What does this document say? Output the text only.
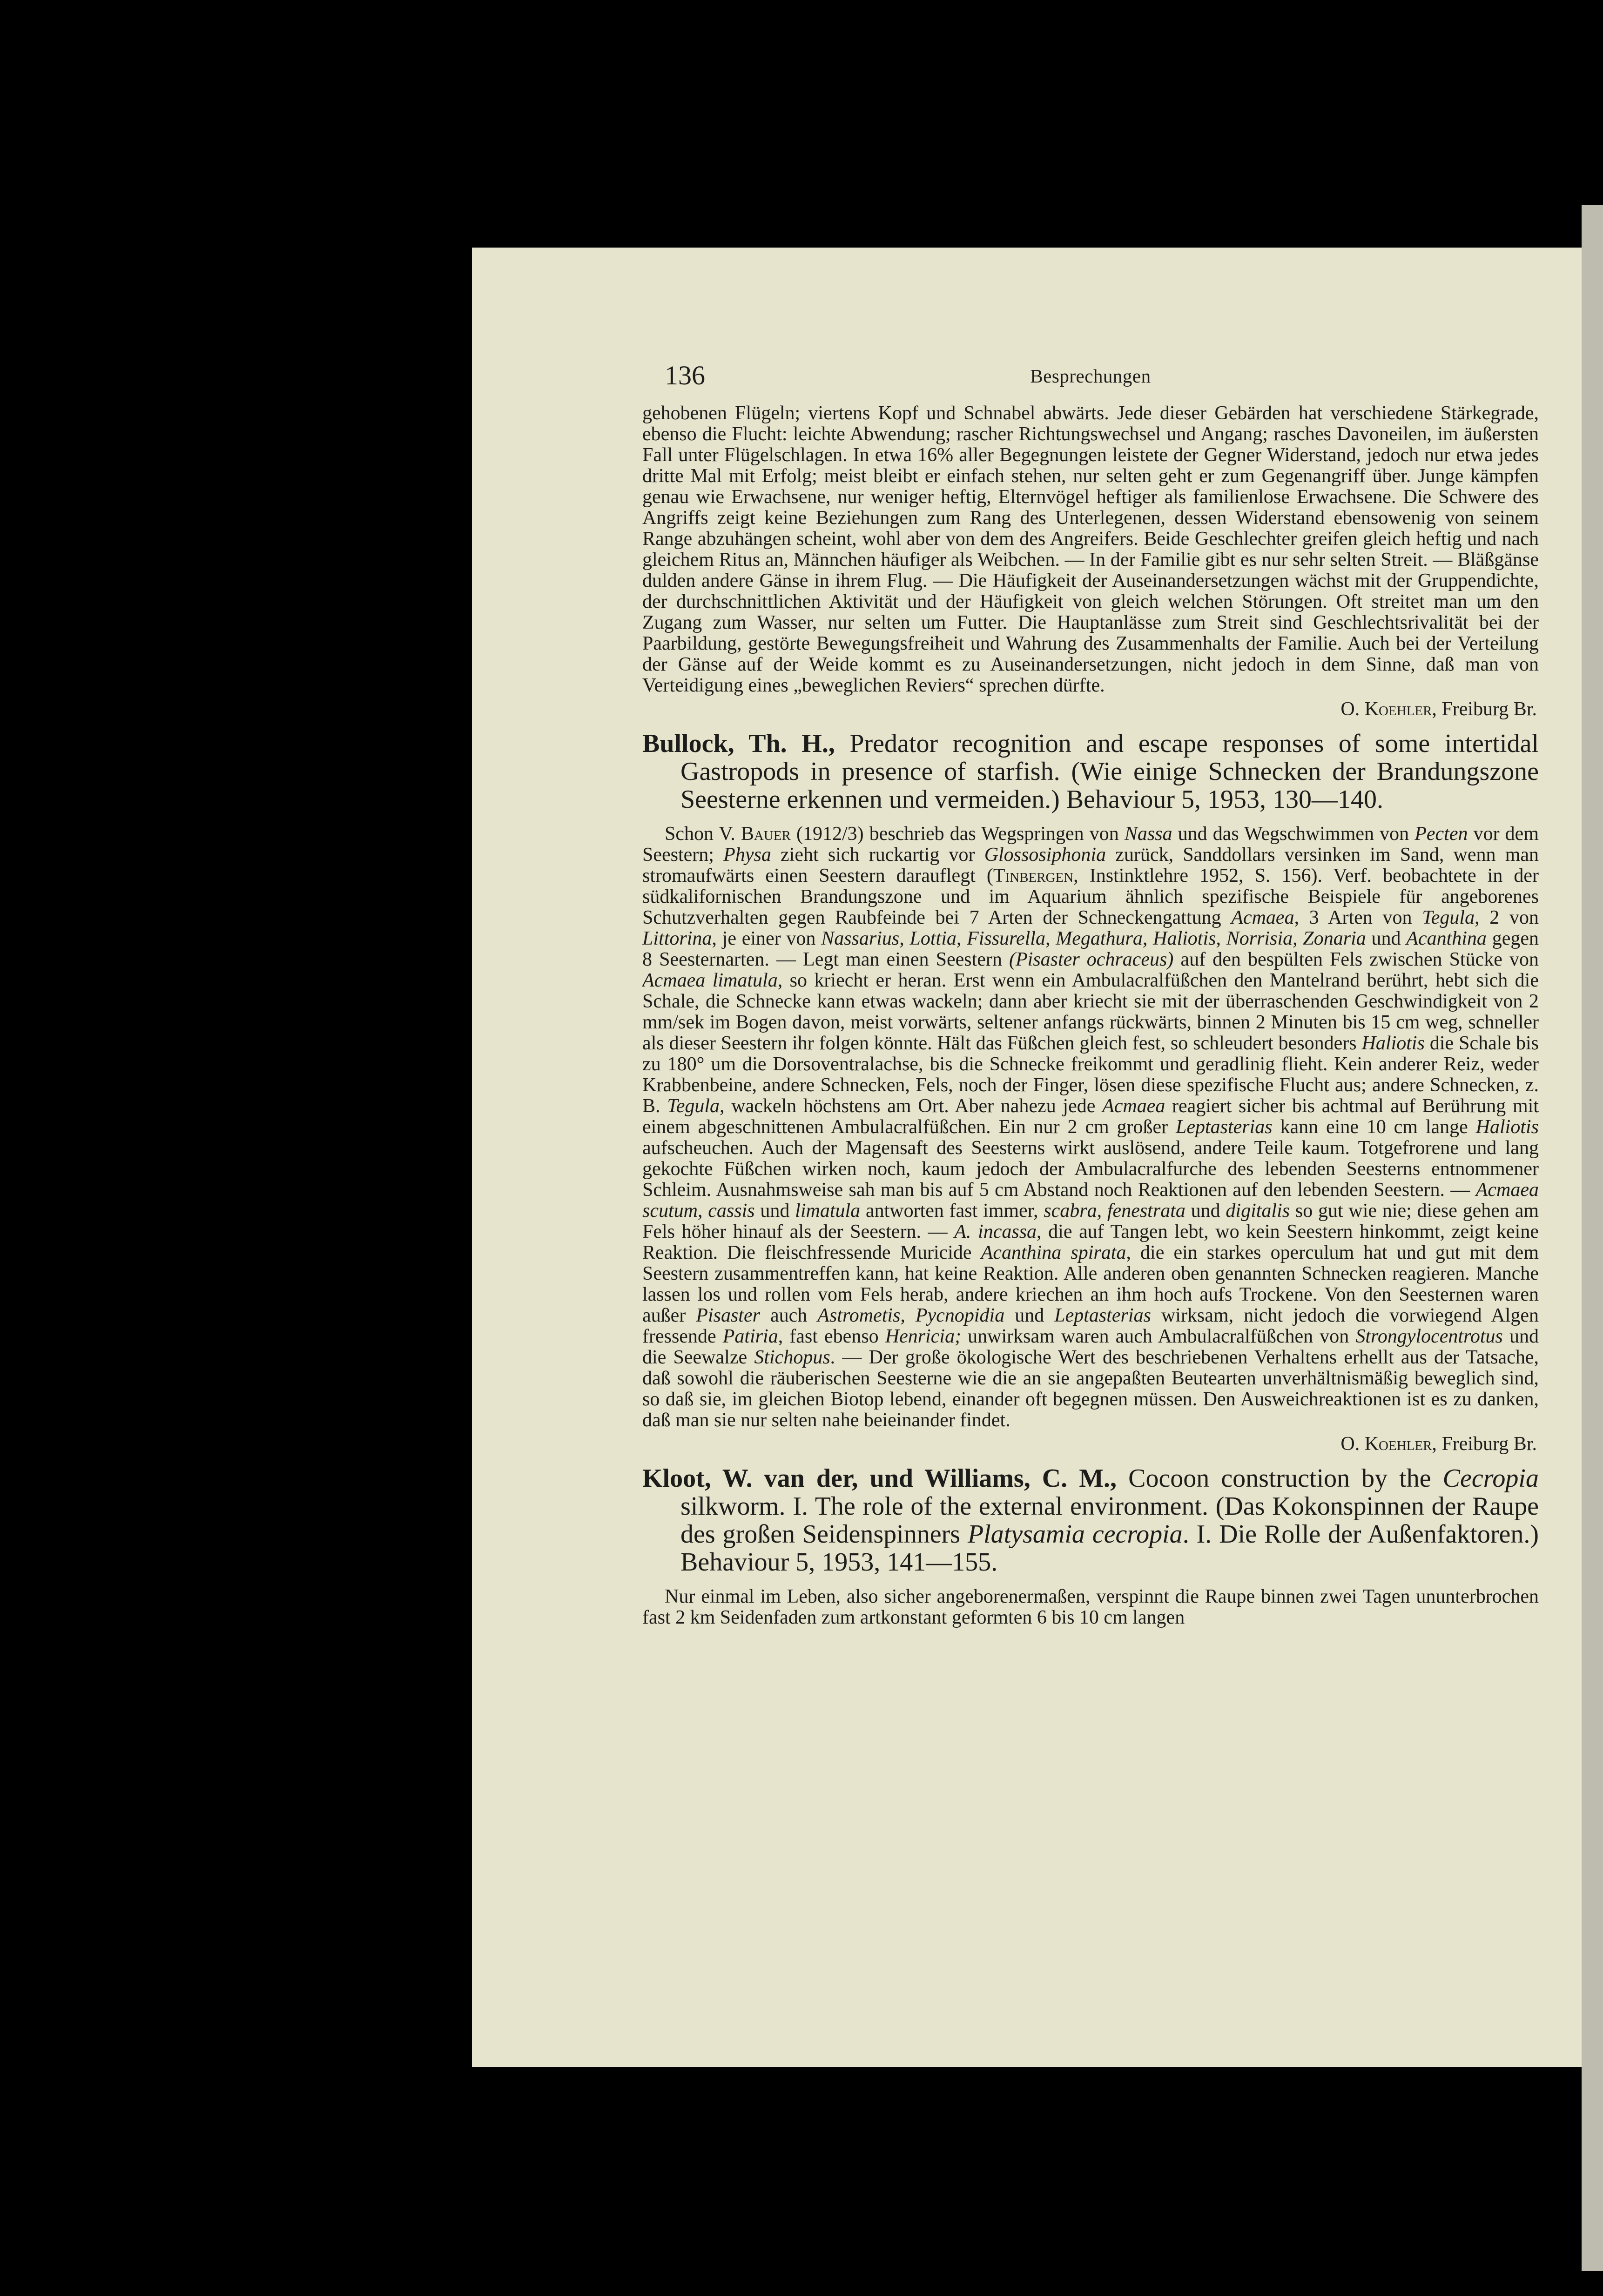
136	Besprechungen

gehobenen Flügeln; viertens Kopf und Schnabel abwärts. Jede dieser Gebärden hat verschiedene Stärkegrade, ebenso die Flucht: leichte Abwendung; rascher Richtungswechsel und Angang; rasches Davoneilen, im äußersten Fall unter Flügelschlagen. In etwa 16% aller Begegnungen leistete der Gegner Widerstand, jedoch nur etwa jedes dritte Mal mit Erfolg; meist bleibt er einfach stehen, nur selten geht er zum Gegenangriff über. Junge kämpfen genau wie Erwachsene, nur weniger heftig, Elternvögel heftiger als familienlose Erwachsene. Die Schwere des Angriffs zeigt keine Beziehungen zum Rang des Unterlegenen, dessen Widerstand ebensowenig von seinem Range abzuhängen scheint, wohl aber von dem des Angreifers. Beide Geschlechter greifen gleich heftig und nach gleichem Ritus an, Männchen häufiger als Weibchen. — In der Familie gibt es nur sehr selten Streit. — Bläßgänse dulden andere Gänse in ihrem Flug. — Die Häufigkeit der Auseinandersetzungen wächst mit der Gruppendichte, der durchschnittlichen Aktivität und der Häufigkeit von gleich welchen Störungen. Oft streitet man um den Zugang zum Wasser, nur selten um Futter. Die Hauptanlässe zum Streit sind Geschlechtsrivalität bei der Paarbildung, gestörte Bewegungsfreiheit und Wahrung des Zusammenhalts der Familie. Auch bei der Verteilung der Gänse auf der Weide kommt es zu Auseinandersetzungen, nicht jedoch in dem Sinne, daß man von Verteidigung eines „beweglichen Reviers“ sprechen dürfte.

O. Koehler, Freiburg Br.
Bullock, Th. H., Predator recognition and escape responses of some intertidal Gastropods in presence of starfish. (Wie einige Schnecken der Brandungszone Seesterne erkennen und vermeiden.) Behaviour 5, 1953, 130—140.

Schon V. Bauer (1912/3) beschrieb das Wegspringen von Nassa und das Wegschwimmen von Pecten vor dem Seestern; Physa zieht sich ruckartig vor Glossosiphonia zurück, Sanddollars versinken im Sand, wenn man stromaufwärts einen Seestern darauflegt (Tinbergen, Instinktlehre 1952, S. 156). Verf. beobachtete in der südkalifornischen Brandungszone und im Aquarium ähnlich spezifische Beispiele für angeborenes Schutzverhalten gegen Raubfeinde bei 7 Arten der Schneckengattung Acmaea, 3 Arten von Tegula, 2 von Littorina, je einer von Nassarius, Lottia, Fissurella, Megathura, Haliotis, Norrisia, Zonaria und Acanthina gegen 8 Seesternarten. — Legt man einen Seestern (Pisaster ochraceus) auf den bespülten Fels zwischen Stücke von Acmaea limatula, so kriecht er heran. Erst wenn ein Ambulacralfüßchen den Mantelrand berührt, hebt sich die Schale, die Schnecke kann etwas wackeln; dann aber kriecht sie mit der überraschenden Geschwindigkeit von 2 mm/sek im Bogen davon, meist vorwärts, seltener anfangs rückwärts, binnen 2 Minuten bis 15 cm weg, schneller als dieser Seestern ihr folgen könnte. Hält das Füßchen gleich fest, so schleudert besonders Haliotis die Schale bis zu 180° um die Dorsoventralachse, bis die Schnecke freikommt und geradlinig flieht. Kein anderer Reiz, weder Krabbenbeine, andere Schnecken, Fels, noch der Finger, lösen diese spezifische Flucht aus; andere Schnecken, z. B. Tegula, wackeln höchstens am Ort. Aber nahezu jede Acmaea reagiert sicher bis achtmal auf Berührung mit einem abgeschnittenen Ambulacralfüßchen. Ein nur 2 cm großer Leptasterias kann eine 10 cm lange Haliotis aufscheuchen. Auch der Magensaft des Seesterns wirkt auslösend, andere Teile kaum. Totgefrorene und lang gekochte Füßchen wirken noch, kaum jedoch der Ambulacralfurche des lebenden Seesterns entnommener Schleim. Ausnahmsweise sah man bis auf 5 cm Abstand noch Reaktionen auf den lebenden Seestern. — Acmaea scutum, cassis und limatula antworten fast immer, scabra, fenestrata und digitalis so gut wie nie; diese gehen am Fels höher hinauf als der Seestern. — A. incassa, die auf Tangen lebt, wo kein Seestern hinkommt, zeigt keine Reaktion. Die fleischfressende Muricide Acanthina spirata, die ein starkes operculum hat und gut mit dem Seestern zusammentreffen kann, hat keine Reaktion. Alle anderen oben genannten Schnecken reagieren. Manche lassen los und rollen vom Fels herab, andere kriechen an ihm hoch aufs Trockene. Von den Seesternen waren außer Pisaster auch Astrometis, Pycnopidia und Leptasterias wirksam, nicht jedoch die vorwiegend Algen fressende Patiria, fast ebenso Henricia; unwirksam waren auch Ambulacralfüßchen von Strongylocentrotus und die Seewalze Stichopus. — Der große ökologische Wert des beschriebenen Verhaltens erhellt aus der Tatsache, daß sowohl die räuberischen Seesterne wie die an sie angepaßten Beutearten unverhältnismäßig beweglich sind, so daß sie, im gleichen Biotop lebend, einander oft begegnen müssen. Den Ausweichreaktionen ist es zu danken, daß man sie nur selten nahe beieinander findet.

O. Koehler, Freiburg Br.
Kloot, W. van der, und Williams, C. M., Cocoon construction by the Cecropia silkworm. I. The role of the external environment. (Das Kokonspinnen der Raupe des großen Seidenspinners Platysamia cecropia. I. Die Rolle der Außenfaktoren.) Behaviour 5, 1953, 141—155.

Nur einmal im Leben, also sicher angeborenermaßen, verspinnt die Raupe binnen zwei Tagen ununterbrochen fast 2 km Seidenfaden zum artkonstant geformten 6 bis 10 cm langen
